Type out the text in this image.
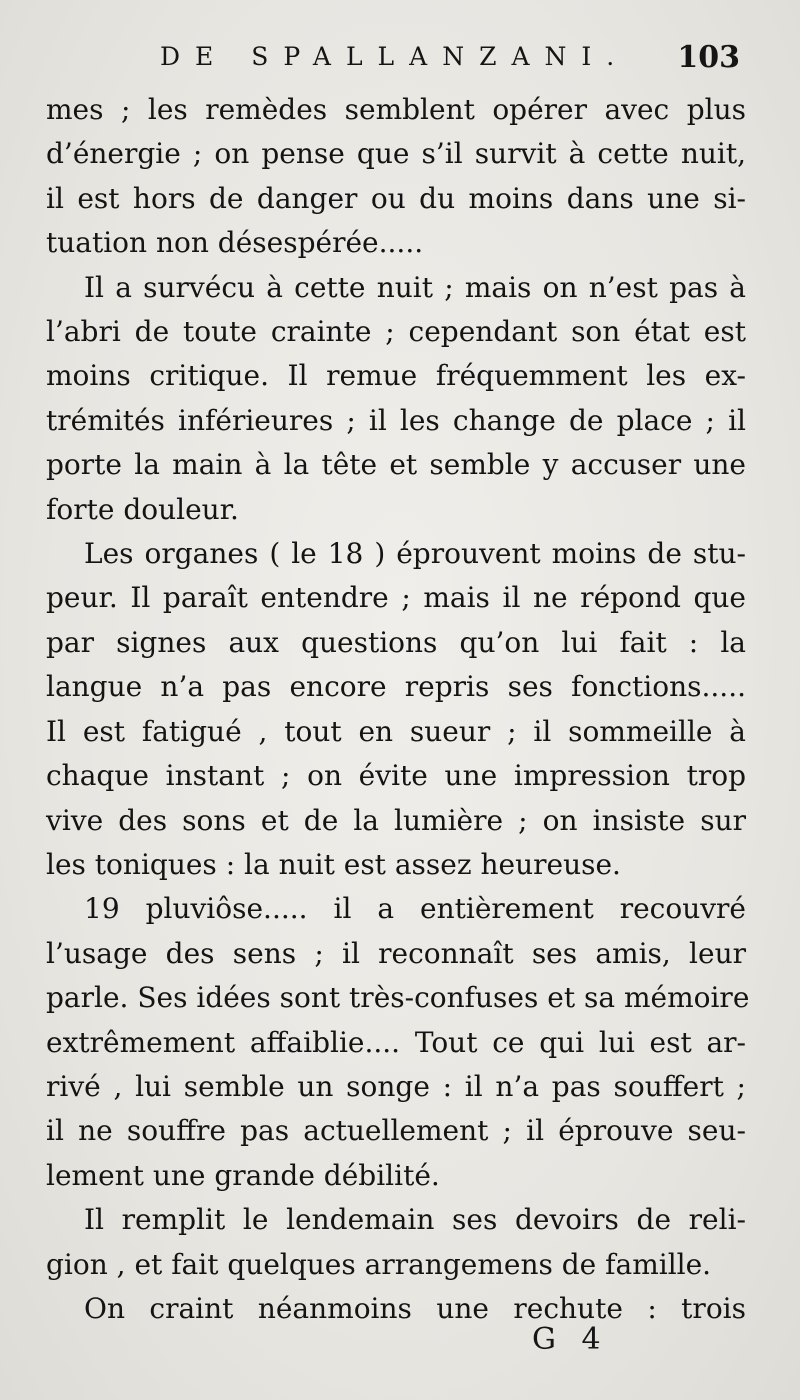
DE SPALLANZANI. 103
mes ; les remèdes semblent opérer avec plus
d’énergie ; on pense que s’il survit à cette nuit,
il est hors de danger ou du moins dans une si-
tuation non désespérée.....
Il a survécu à cette nuit ; mais on n’est pas à
l’abri de toute crainte ; cependant son état est
moins critique. Il remue fréquemment les ex-
trémités inférieures ; il les change de place ; il
porte la main à la tête et semble y accuser une
forte douleur.
Les organes ( le 18 ) éprouvent moins de stu-
peur. Il paraît entendre ; mais il ne répond que
par signes aux questions qu’on lui fait : la
langue n’a pas encore repris ses fonctions.....
Il est fatigué , tout en sueur ; il sommeille à
chaque instant ; on évite une impression trop
vive des sons et de la lumière ; on insiste sur
les toniques : la nuit est assez heureuse.
19 pluviôse..... il a entièrement recouvré
l’usage des sens ; il reconnaît ses amis, leur
parle. Ses idées sont très-confuses et sa mémoire
extrêmement affaiblie.... Tout ce qui lui est ar-
rivé , lui semble un songe : il n’a pas souffert ;
il ne souffre pas actuellement ; il éprouve seu-
lement une grande débilité.
Il remplit le lendemain ses devoirs de reli-
gion , et fait quelques arrangemens de famille.
On craint néanmoins une rechute : trois
G 4
